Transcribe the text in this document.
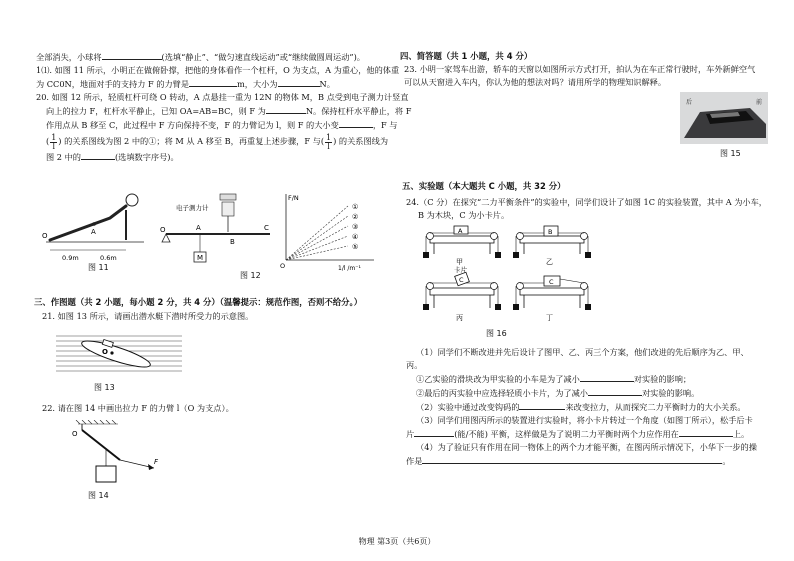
全部消失，小球将	(选填“静止”、“做匀速直线运动”或“继续做圆周运动”)。
1⑴. 如图 11 所示，小明正在做俯卧撑，把他的身体看作一个杠杆，O 为支点，A 为重心，他的体重
为 CC0N，地面对手的支持力 F 的力臂是	m，大小为	N。
20. 如图 12 所示，轻质杠杆可绕 O 转动，A 点悬挂一重为 12N 的物体 M，B 点受到电子测力计竖直
向上的拉力 F，杠杆水平静止，已知 OA=AB=BC，则 F 为	N。保持杠杆水平静止，将 F
作用点从 B 移至 C，此过程中 F 方向保持不变，F 的力臂记为 l，则 F 的大小变	，F 与
( $\frac{1}{l}$ ) 的关系图线为图 2 中的①；将 M 从 A 移至 B，再重复上述步骤，F 与( $\frac{1}{l}$ ) 的关系图线为
图 2 中的	(选填数字序号)。
O	A
0.9m	0.6m
图 11
电子测力计
O	A
B
C
M
图 12
F/N
1/l /m⁻¹
O
①
②
③
④
⑤
三、作图题（共 2 小题，每小题 2 分，共 4 分）（温馨提示：规范作图，否则不给分。）
21. 如图 13 所示，请画出潜水艇下潜时所受力的示意图。
O
图 13
22. 请在图 14 中画出拉力 F 的力臂 l（O 为支点）。
O
F
图 14
四、简答题（共 1 小题，共 4 分）
23. 小明一家驾车出游，轿车的天窗以如图所示方式打开，拍认为在车正常行驶时，车外新鲜空气
可以从天窗进入车内，你认为他的想法对吗？请用所学的物理知识解释。
后	前
图 15
五、实验题（本大题共 C 小题，共 32 分）
24.（C 分）在探究“二力平衡条件”的实验中，同学们设计了如图 1C 的实验装置，其中 A 为小车，
B 为木块，C 为小卡片。
A
甲
B
乙
卡片
C
丙
C
丁
图 16
（1）同学们不断改进并先后设计了图甲、乙、丙三个方案，他们改进的先后顺序为乙、甲、
丙。
①乙实验的滑块改为甲实验的小车是为了减小	对实验的影响；
②最后的丙实验中应选择轻质小卡片，为了减小	对实验的影响。
（2）实验中通过改变钩码的	来改变拉力，从而探究二力平衡时力的大小关系。
（3）同学们用图丙所示的装置进行实验时，将小卡片转过一个角度（如图丁所示），松手后卡
片	(能/不能) 平衡，这样做是为了说明二力平衡时两个力应作用在	上。
（4）为了验证只有作用在同一物体上的两个力才能平衡，在图丙所示情况下，小华下一步的操
作是	。
物理 第3页（共6页）
